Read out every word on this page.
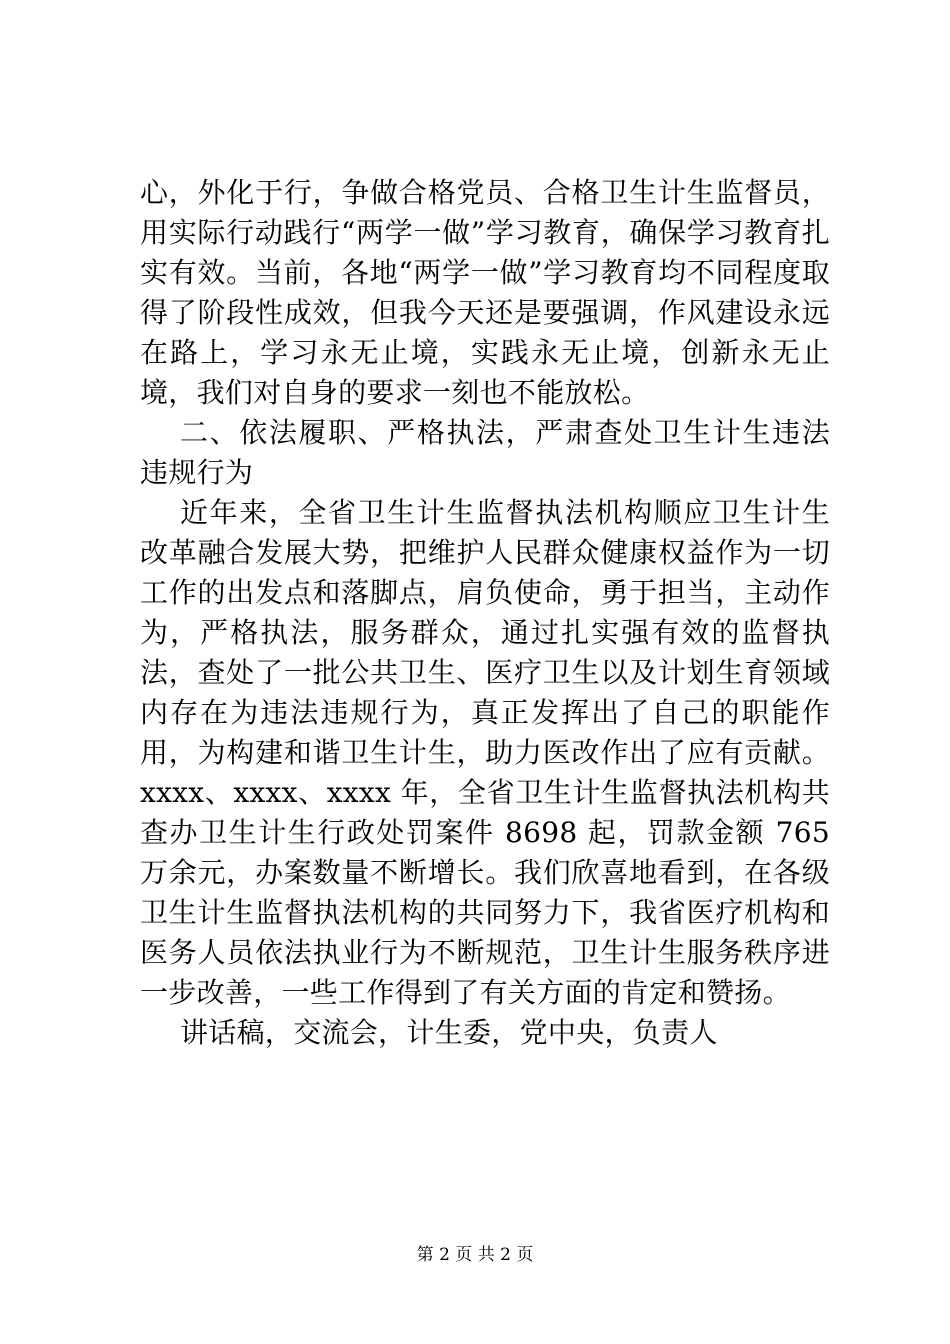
心，外化于行，争做合格党员、合格卫生计生监督员，用实际行动践行“两学一做”学习教育，确保学习教育扎实有效。当前，各地“两学一做”学习教育均不同程度取得了阶段性成效，但我今天还是要强调，作风建设永远在路上，学习永无止境，实践永无止境，创新永无止境，我们对自身的要求一刻也不能放松。

二、依法履职、严格执法，严肃查处卫生计生违法违规行为

近年来，全省卫生计生监督执法机构顺应卫生计生改革融合发展大势，把维护人民群众健康权益作为一切工作的出发点和落脚点，肩负使命，勇于担当，主动作为，严格执法，服务群众，通过扎实强有效的监督执法，查处了一批公共卫生、医疗卫生以及计划生育领域内存在为违法违规行为，真正发挥出了自己的职能作用，为构建和谐卫生计生，助力医改作出了应有贡献。xxxx、xxxx、xxxx 年，全省卫生计生监督执法机构共查办卫生计生行政处罚案件 8698 起，罚款金额 765 万余元，办案数量不断增长。我们欣喜地看到，在各级卫生计生监督执法机构的共同努力下，我省医疗机构和医务人员依法执业行为不断规范，卫生计生服务秩序进一步改善，一些工作得到了有关方面的肯定和赞扬。

讲话稿，交流会，计生委，党中央，负责人

第 2 页 共 2 页
